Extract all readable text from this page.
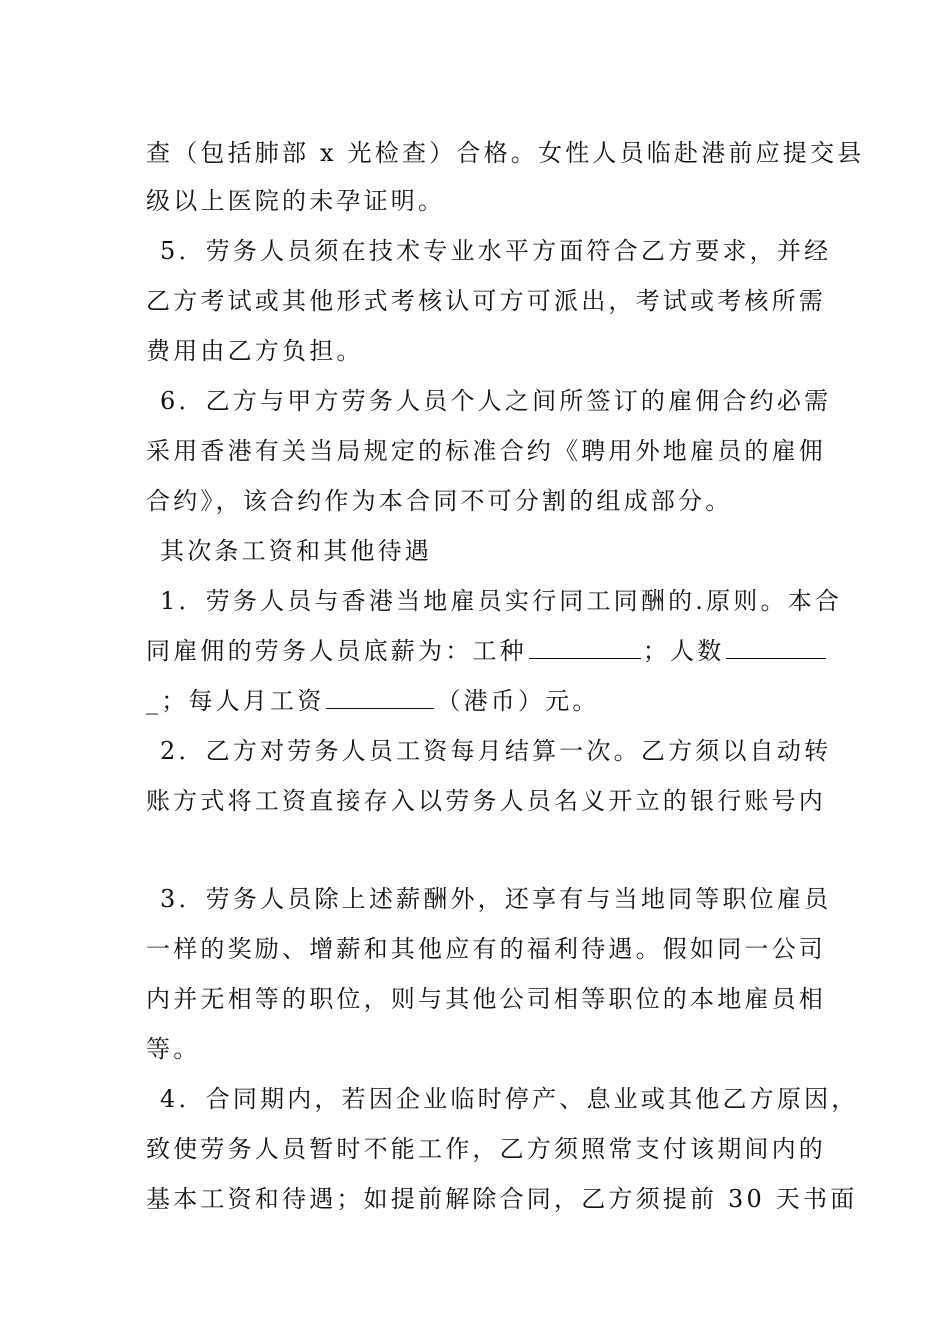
查（包括肺部 x 光检查）合格。女性人员临赴港前应提交县
级以上医院的未孕证明。
5．劳务人员须在技术专业水平方面符合乙方要求，并经
乙方考试或其他形式考核认可方可派出，考试或考核所需
费用由乙方负担。
6．乙方与甲方劳务人员个人之间所签订的雇佣合约必需
采用香港有关当局规定的标准合约《聘用外地雇员的雇佣
合约》，该合约作为本合同不可分割的组成部分。
其次条工资和其他待遇
1．劳务人员与香港当地雇员实行同工同酬的.原则。本合
同雇佣的劳务人员底薪为：工种	；人数
_；每人月工资	（港币）元。
2．乙方对劳务人员工资每月结算一次。乙方须以自动转
账方式将工资直接存入以劳务人员名义开立的银行账号内
3．劳务人员除上述薪酬外，还享有与当地同等职位雇员
一样的奖励、增薪和其他应有的福利待遇。假如同一公司
内并无相等的职位，则与其他公司相等职位的本地雇员相
等。
4．合同期内，若因企业临时停产、息业或其他乙方原因，
致使劳务人员暂时不能工作，乙方须照常支付该期间内的
基本工资和待遇；如提前解除合同，乙方须提前 30 天书面
